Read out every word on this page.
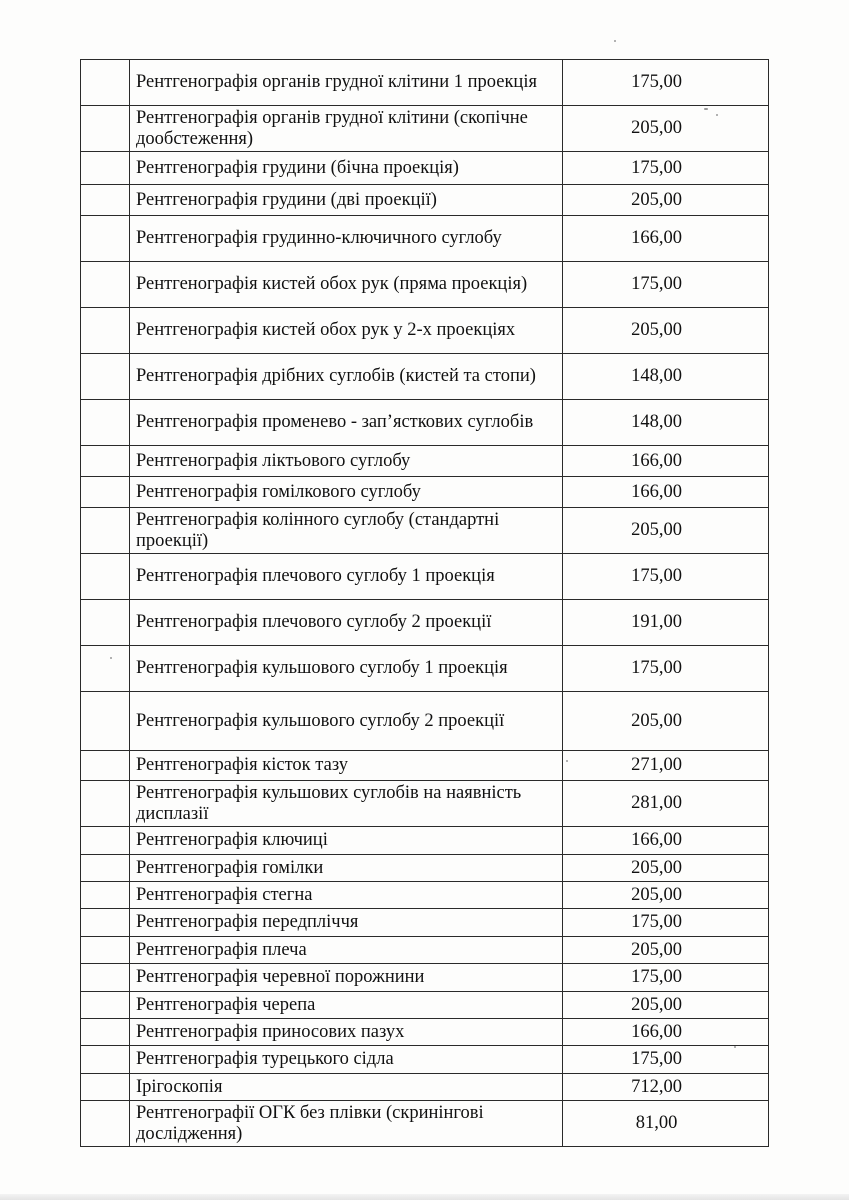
	Рентгенографія органів грудної клітини 1 проекція	175,00
	Рентгенографія органів грудної клітини (скопічне дообстеження)	205,00
	Рентгенографія грудини (бічна проекція)	175,00
	Рентгенографія грудини (дві проекції)	205,00
	Рентгенографія грудинно-ключичного суглобу	166,00
	Рентгенографія кистей обох рук (пряма проекція)	175,00
	Рентгенографія кистей обох рук у 2-х проекціях	205,00
	Рентгенографія дрібних суглобів (кистей та стопи)	148,00
	Рентгенографія променево - зап’ясткових суглобів	148,00
	Рентгенографія ліктьового суглобу	166,00
	Рентгенографія гомілкового суглобу	166,00
	Рентгенографія колінного суглобу (стандартні проекції)	205,00
	Рентгенографія плечового суглобу 1 проекція	175,00
	Рентгенографія плечового суглобу 2 проекції	191,00
	Рентгенографія кульшового суглобу 1 проекція	175,00
	Рентгенографія кульшового суглобу 2 проекції	205,00
	Рентгенографія кісток тазу	271,00
	Рентгенографія кульшових суглобів на наявність дисплазії	281,00
	Рентгенографія ключиці	166,00
	Рентгенографія гомілки	205,00
	Рентгенографія стегна	205,00
	Рентгенографія передпліччя	175,00
	Рентгенографія плеча	205,00
	Рентгенографія черевної порожнини	175,00
	Рентгенографія черепа	205,00
	Рентгенографія приносових пазух	166,00
	Рентгенографія турецького сідла	175,00
	Ірігоскопія	712,00
	Рентгенографії ОГК без плівки (скринінгові дослідження)	81,00
